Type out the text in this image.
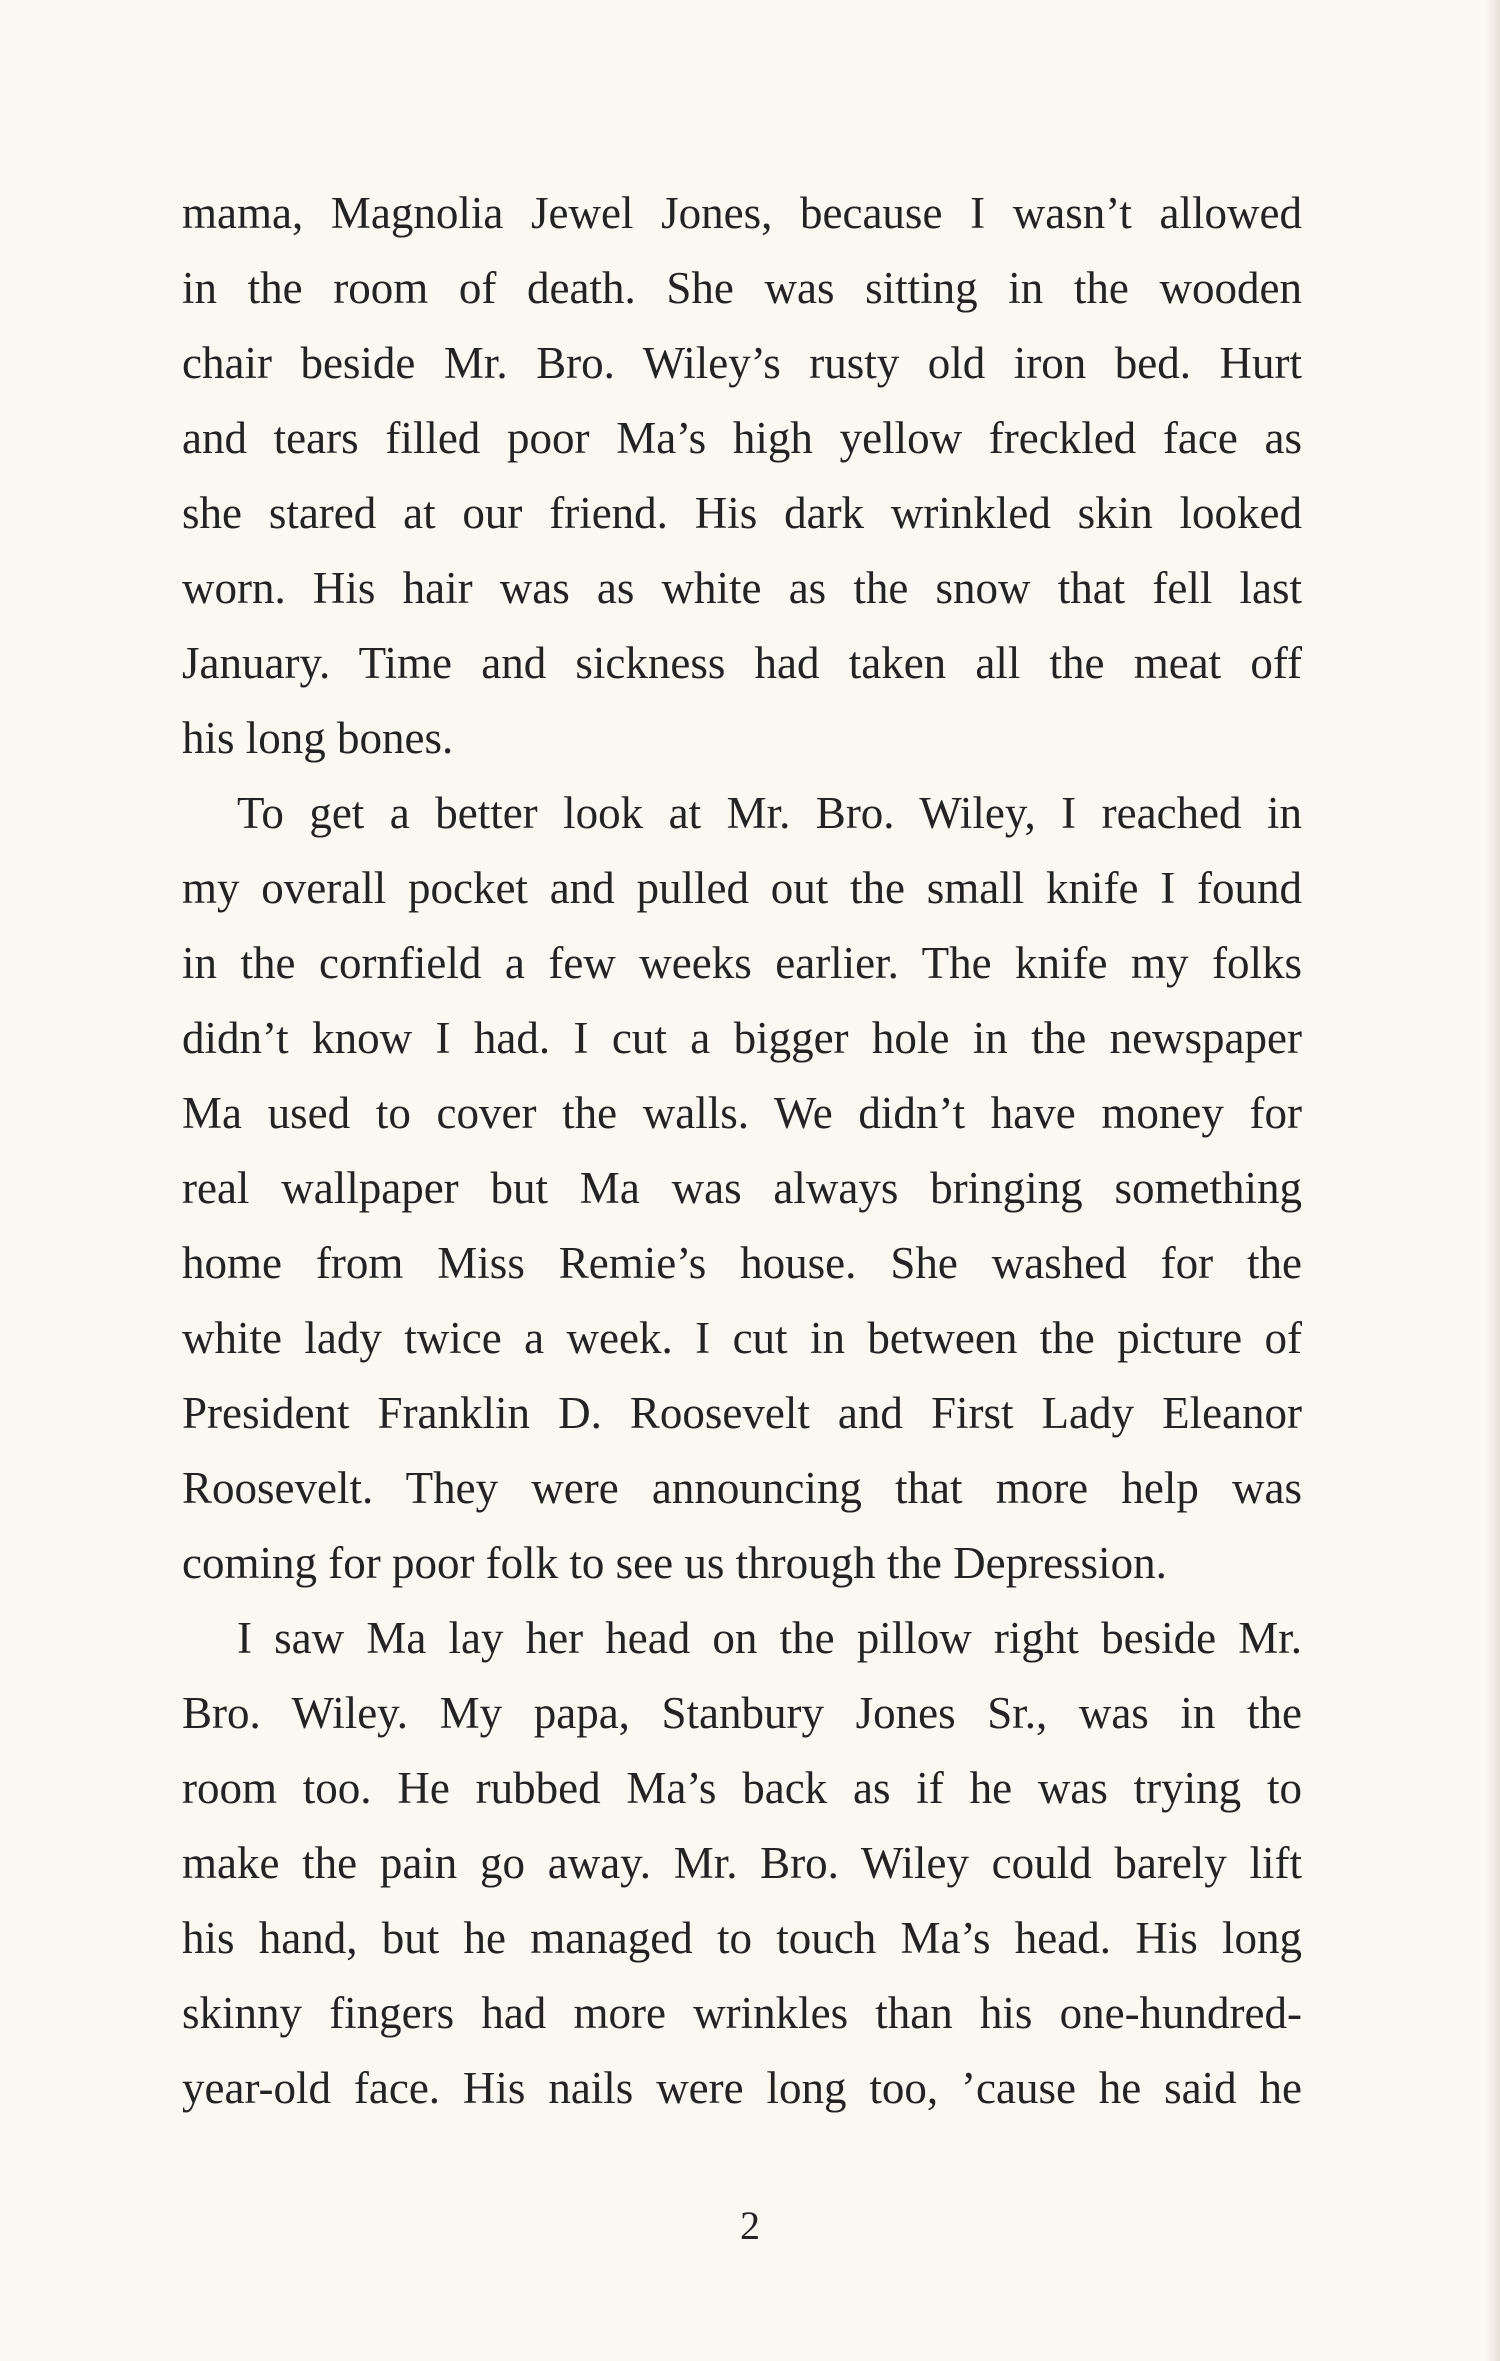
mama, Magnolia Jewel Jones, because I wasn’t allowed
in the room of death. She was sitting in the wooden
chair beside Mr. Bro. Wiley’s rusty old iron bed. Hurt
and tears filled poor Ma’s high yellow freckled face as
she stared at our friend. His dark wrinkled skin looked
worn. His hair was as white as the snow that fell last
January. Time and sickness had taken all the meat off
his long bones.
To get a better look at Mr. Bro. Wiley, I reached in
my overall pocket and pulled out the small knife I found
in the cornfield a few weeks earlier. The knife my folks
didn’t know I had. I cut a bigger hole in the newspaper
Ma used to cover the walls. We didn’t have money for
real wallpaper but Ma was always bringing something
home from Miss Remie’s house. She washed for the
white lady twice a week. I cut in between the picture of
President Franklin D. Roosevelt and First Lady Eleanor
Roosevelt. They were announcing that more help was
coming for poor folk to see us through the Depression.
I saw Ma lay her head on the pillow right beside Mr.
Bro. Wiley. My papa, Stanbury Jones Sr., was in the
room too. He rubbed Ma’s back as if he was trying to
make the pain go away. Mr. Bro. Wiley could barely lift
his hand, but he managed to touch Ma’s head. His long
skinny fingers had more wrinkles than his one-hundred-
year-old face. His nails were long too, ’cause he said he
2
